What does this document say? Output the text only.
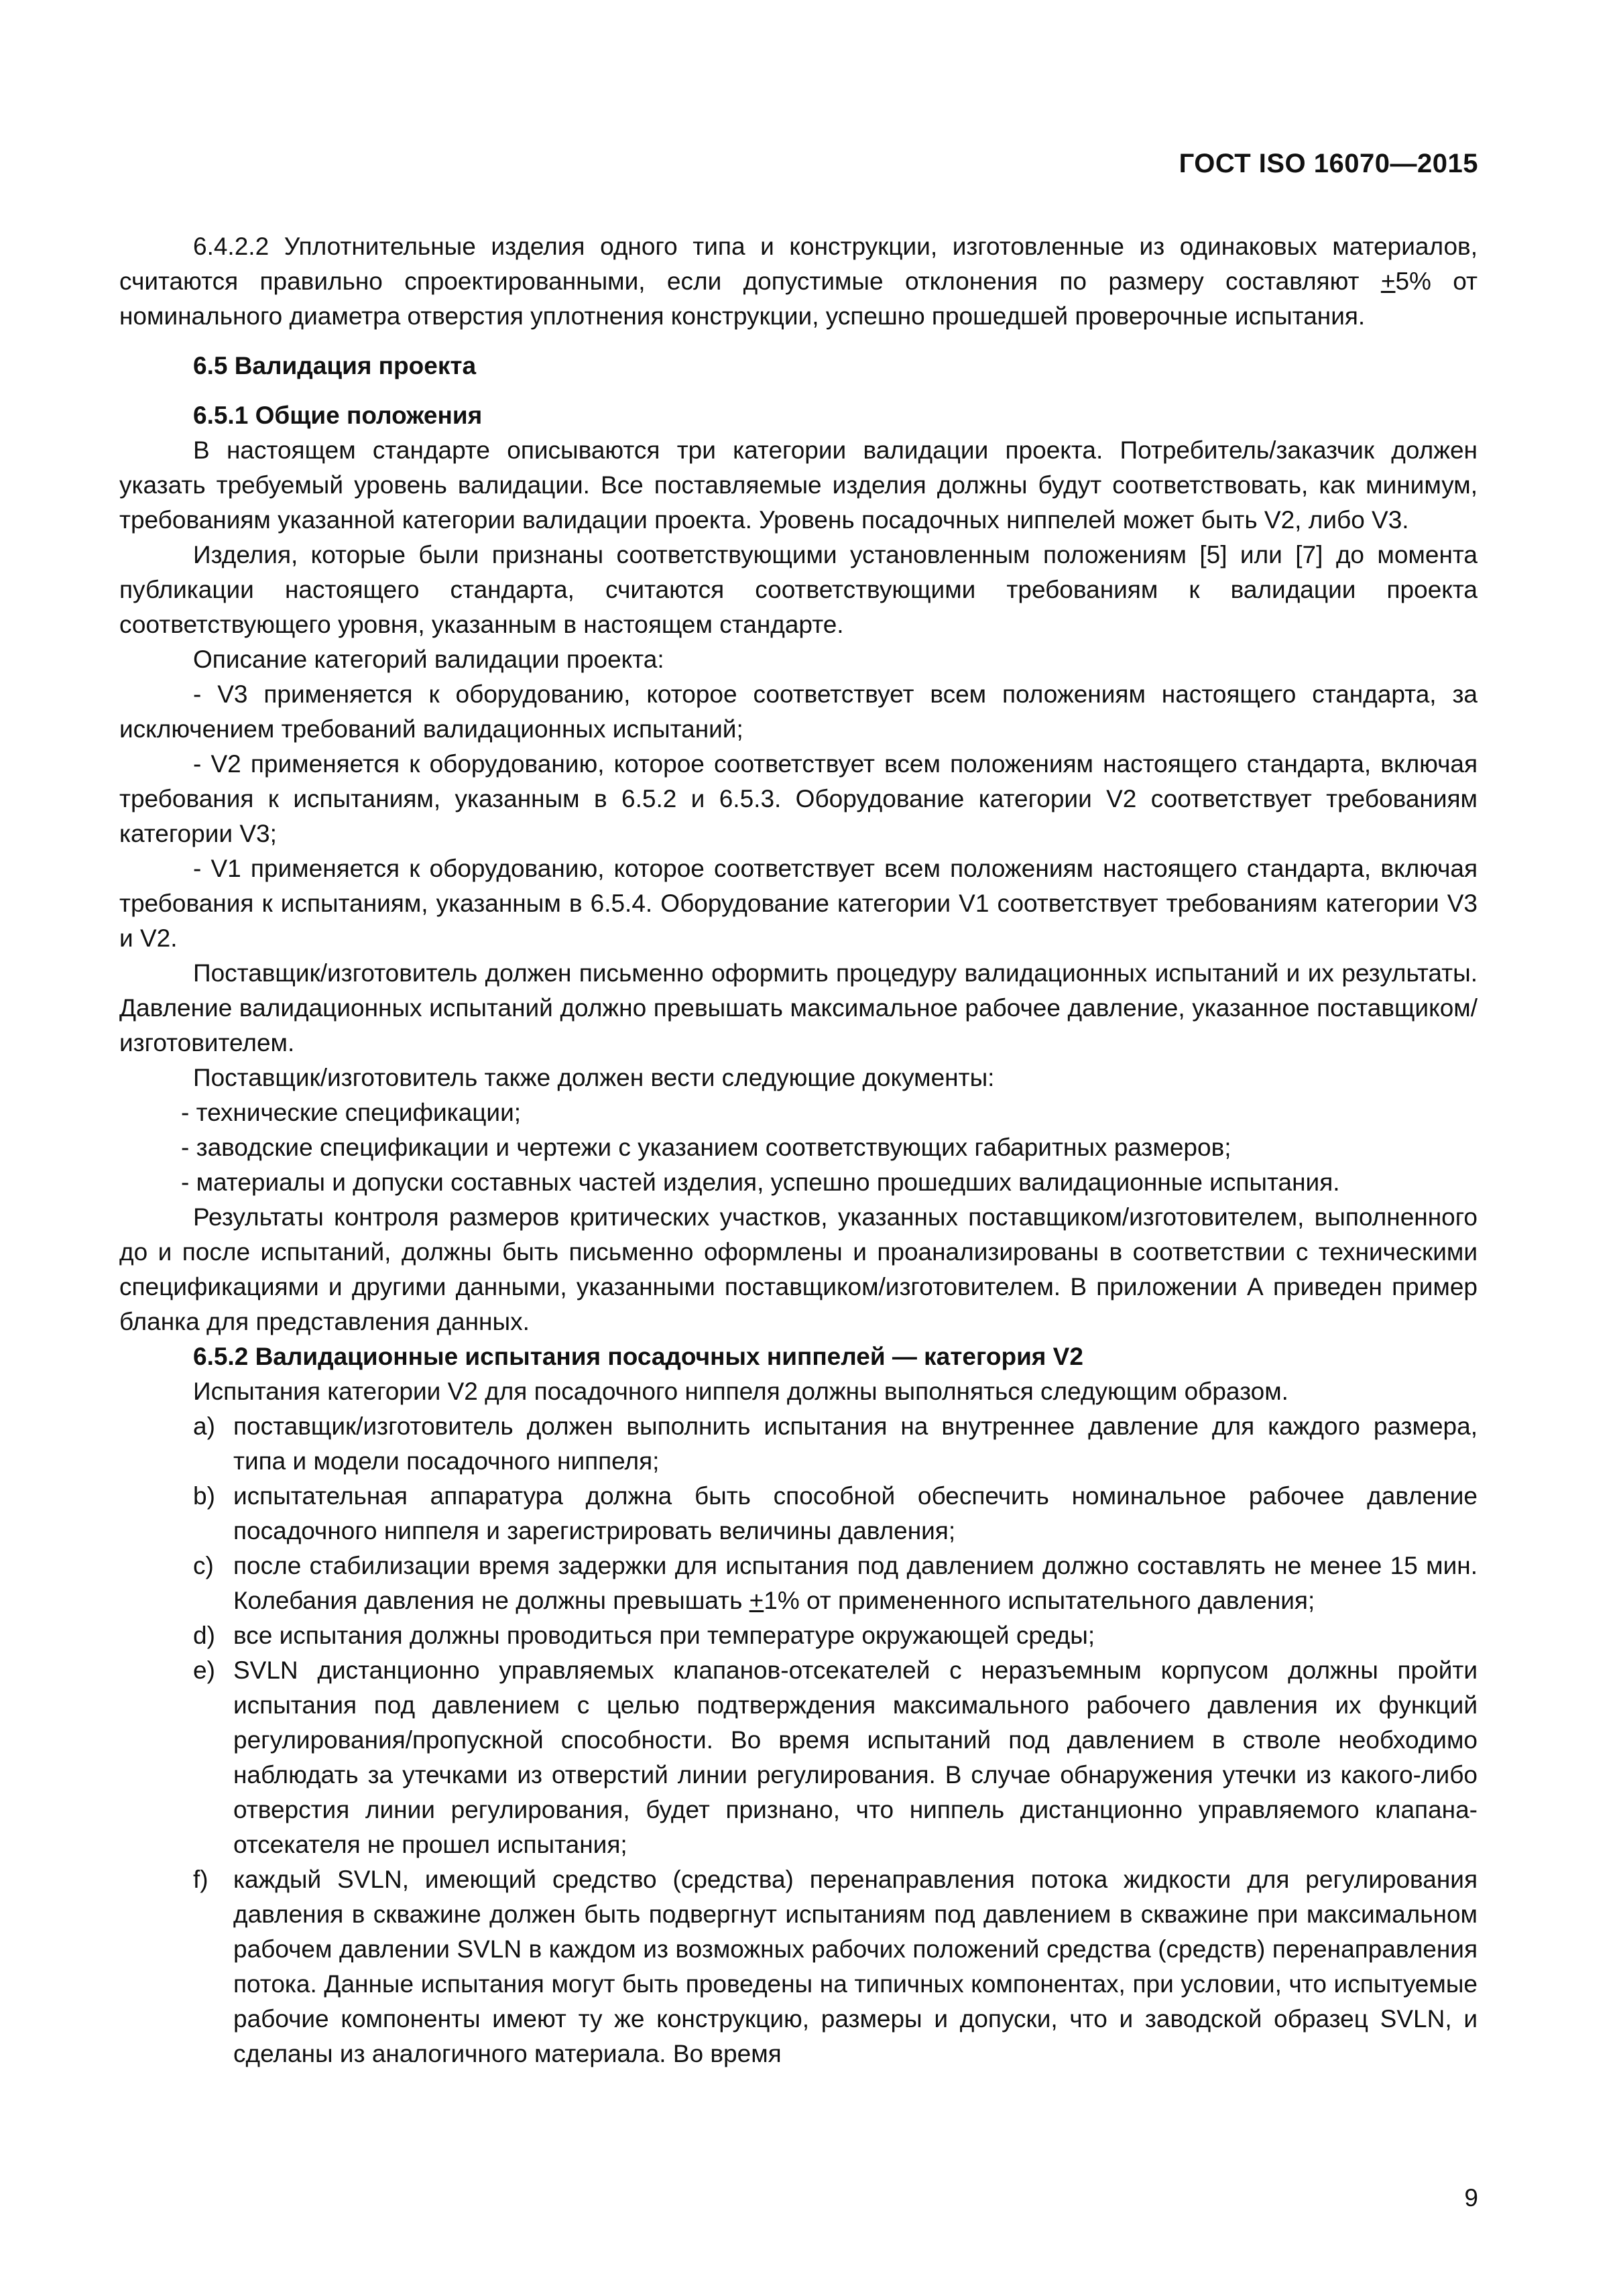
ГОСТ ISO 16070—2015

6.4.2.2 Уплотнительные изделия одного типа и конструкции, изготовленные из одинаковых материалов, считаются правильно спроектированными, если допустимые отклонения по размеру составляют +5% от номинального диаметра отверстия уплотнения конструкции, успешно прошедшей проверочные испытания.

6.5 Валидация проекта

6.5.1 Общие положения

В настоящем стандарте описываются три категории валидации проекта. Потребитель/заказчик должен указать требуемый уровень валидации. Все поставляемые изделия должны будут соответствовать, как минимум, требованиям указанной категории валидации проекта. Уровень посадочных ниппелей может быть V2, либо V3.

Изделия, которые были признаны соответствующими установленным положениям [5] или [7] до момента публикации настоящего стандарта, считаются соответствующими требованиям к валидации проекта соответствующего уровня, указанным в настоящем стандарте.

Описание категорий валидации проекта:

- V3 применяется к оборудованию, которое соответствует всем положениям настоящего стандарта, за исключением требований валидационных испытаний;

- V2 применяется к оборудованию, которое соответствует всем положениям настоящего стандарта, включая требования к испытаниям, указанным в 6.5.2 и 6.5.3. Оборудование категории V2 соответствует требованиям категории V3;

- V1 применяется к оборудованию, которое соответствует всем положениям настоящего стандарта, включая требования к испытаниям, указанным в 6.5.4. Оборудование категории V1 соответствует требованиям категории V3 и V2.

Поставщик/изготовитель должен письменно оформить процедуру валидационных испытаний и их результаты. Давление валидационных испытаний должно превышать максимальное рабочее давление, указанное поставщиком/изготовителем.

Поставщик/изготовитель также должен вести следующие документы:

- технические спецификации;

- заводские спецификации и чертежи с указанием соответствующих габаритных размеров;

- материалы и допуски составных частей изделия, успешно прошедших валидационные испытания.

Результаты контроля размеров критических участков, указанных поставщиком/изготовителем, выполненного до и после испытаний, должны быть письменно оформлены и проанализированы в соответствии с техническими спецификациями и другими данными, указанными поставщиком/изготовителем. В приложении А приведен пример бланка для представления данных.

6.5.2 Валидационные испытания посадочных ниппелей — категория V2

Испытания категории V2 для посадочного ниппеля должны выполняться следующим образом.

a) поставщик/изготовитель должен выполнить испытания на внутреннее давление для каждого размера, типа и модели посадочного ниппеля;
b) испытательная аппаратура должна быть способной обеспечить номинальное рабочее давление посадочного ниппеля и зарегистрировать величины давления;
c) после стабилизации время задержки для испытания под давлением должно составлять не менее 15 мин. Колебания давления не должны превышать +1% от примененного испытательного давления;
d) все испытания должны проводиться при температуре окружающей среды;
e) SVLN дистанционно управляемых клапанов-отсекателей с неразъемным корпусом должны пройти испытания под давлением с целью подтверждения максимального рабочего давления их функций регулирования/пропускной способности. Во время испытаний под давлением в стволе необходимо наблюдать за утечками из отверстий линии регулирования. В случае обнаружения утечки из какого-либо отверстия линии регулирования, будет признано, что ниппель дистанционно управляемого клапана-отсекателя не прошел испытания;
f) каждый SVLN, имеющий средство (средства) перенаправления потока жидкости для регулирования давления в скважине должен быть подвергнут испытаниям под давлением в скважине при максимальном рабочем давлении SVLN в каждом из возможных рабочих положений средства (средств) перенаправления потока. Данные испытания могут быть проведены на типичных компонентах, при условии, что испытуемые рабочие компоненты имеют ту же конструкцию, размеры и допуски, что и заводской образец SVLN, и сделаны из аналогичного материала. Во время
9
